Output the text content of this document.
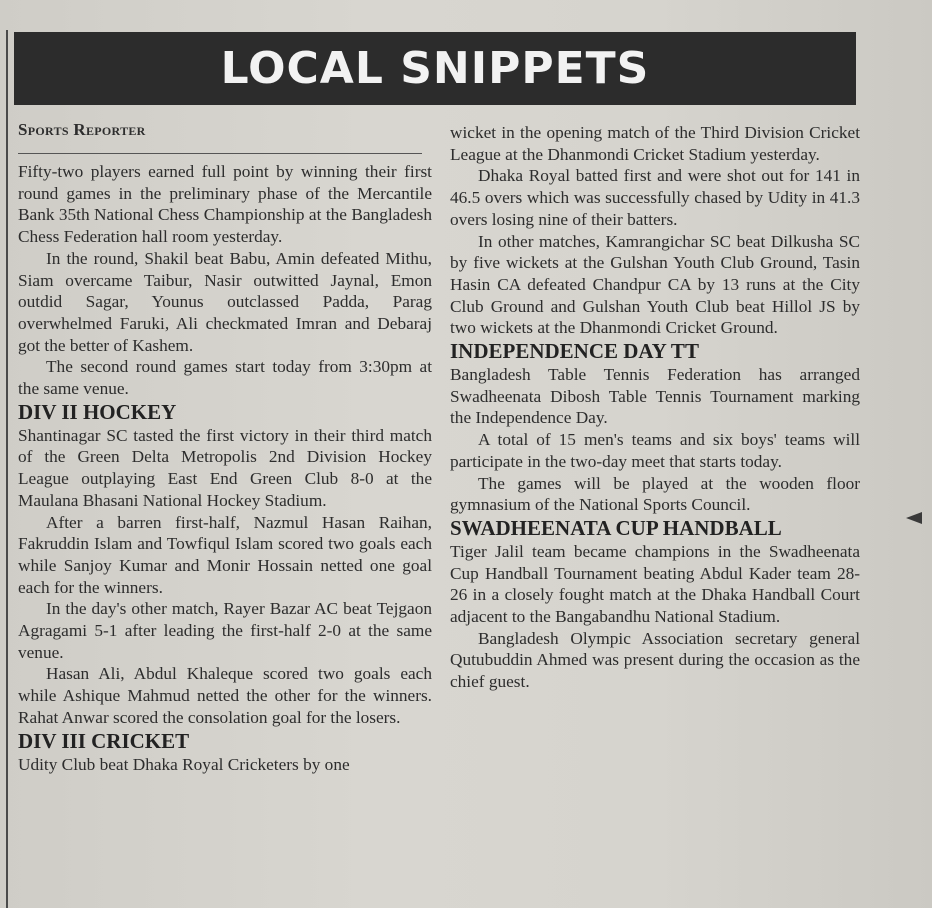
LOCAL SNIPPETS
Sports Reporter

Fifty-two players earned full point by winning their first round games in the preliminary phase of the Mercantile Bank 35th National Chess Championship at the Bangladesh Chess Federation hall room yesterday.

In the round, Shakil beat Babu, Amin defeated Mithu, Siam overcame Taibur, Nasir outwitted Jaynal, Emon outdid Sagar, Younus outclassed Padda, Parag overwhelmed Faruki, Ali checkmated Imran and Debaraj got the better of Kashem.

The second round games start today from 3:30pm at the same venue.

DIV II HOCKEY

Shantinagar SC tasted the first victory in their third match of the Green Delta Metropolis 2nd Division Hockey League outplaying East End Green Club 8-0 at the Maulana Bhasani National Hockey Stadium.

After a barren first-half, Nazmul Hasan Raihan, Fakruddin Islam and Towfiqul Islam scored two goals each while Sanjoy Kumar and Monir Hossain netted one goal each for the winners.

In the day's other match, Rayer Bazar AC beat Tejgaon Agragami 5-1 after leading the first-half 2-0 at the same venue.

Hasan Ali, Abdul Khaleque scored two goals each while Ashique Mahmud netted the other for the winners. Rahat Anwar scored the consolation goal for the losers.

DIV III CRICKET

Udity Club beat Dhaka Royal Cricketers by one

wicket in the opening match of the Third Division Cricket League at the Dhanmondi Cricket Stadium yesterday.

Dhaka Royal batted first and were shot out for 141 in 46.5 overs which was successfully chased by Udity in 41.3 overs losing nine of their batters.

In other matches, Kamrangichar SC beat Dilkusha SC by five wickets at the Gulshan Youth Club Ground, Tasin Hasin CA defeated Chandpur CA by 13 runs at the City Club Ground and Gulshan Youth Club beat Hillol JS by two wickets at the Dhanmondi Cricket Ground.

INDEPENDENCE DAY TT

Bangladesh Table Tennis Federation has arranged Swadheenata Dibosh Table Tennis Tournament marking the Independence Day.

A total of 15 men's teams and six boys' teams will participate in the two-day meet that starts today.

The games will be played at the wooden floor gymnasium of the National Sports Council.

SWADHEENATA CUP HANDBALL

Tiger Jalil team became champions in the Swadheenata Cup Handball Tournament beating Abdul Kader team 28-26 in a closely fought match at the Dhaka Handball Court adjacent to the Bangabandhu National Stadium.

Bangladesh Olympic Association secretary general Qutubuddin Ahmed was present during the occasion as the chief guest.
